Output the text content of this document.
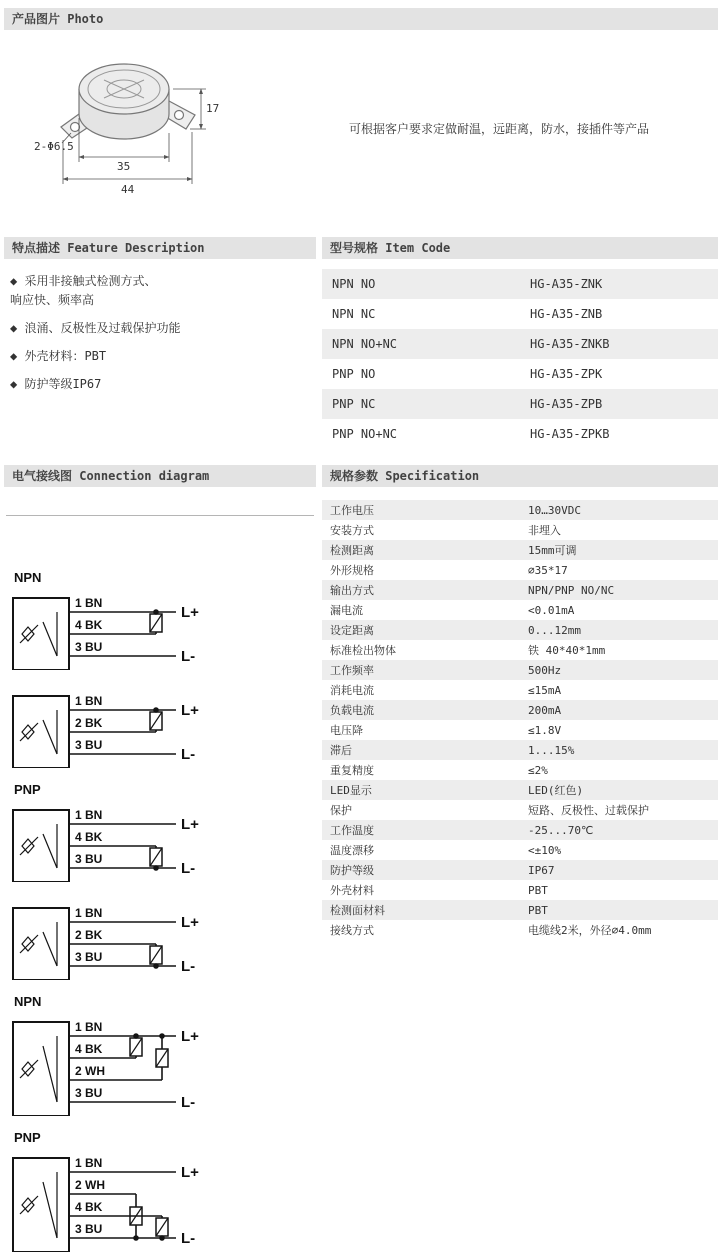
产品图片 Photo
17
35
44
2-Φ6.5
可根据客户要求定做耐温，远距离，防水，接插件等产品
特点描述 Feature Description
◆ 采用非接触式检测方式、
响应快、频率高
◆ 浪涌、反极性及过载保护功能
◆ 外壳材料：PBT
◆ 防护等级IP67
型号规格 Item Code
NPN NO	HG-A35-ZNK
NPN NC	HG-A35-ZNB
NPN NO+NC	HG-A35-ZNKB
PNP NO	HG-A35-ZPK
PNP NC	HG-A35-ZPB
PNP NO+NC	HG-A35-ZPKB
电气接线图 Connection diagram
NPN
1 BN
L+
4 BK
3 BU
L-
1 BN
L+
2 BK
3 BU
L-
PNP
1 BN
L+
4 BK
3 BU
L-
1 BN
L+
2 BK
3 BU
L-
NPN
1 BN
L+
4 BK
2 WH
3 BU
L-
PNP
1 BN
L+
2 WH
4 BK
3 BU
L-
规格参数 Specification
工作电压	10…30VDC
安装方式	非埋入
检测距离	15mm可调
外形规格	∅35*17
输出方式	NPN/PNP NO/NC
漏电流	<0.01mA
设定距离	0...12mm
标准检出物体	铁 40*40*1mm
工作频率	500Hz
消耗电流	≤15mA
负载电流	200mA
电压降	≤1.8V
滞后	1...15%
重复精度	≤2%
LED显示	LED(红色)
保护	短路、反极性、过载保护
工作温度	-25...70℃
温度漂移	<±10%
防护等级	IP67
外壳材料	PBT
检测面材料	PBT
接线方式	电缆线2米，外径∅4.0mm
